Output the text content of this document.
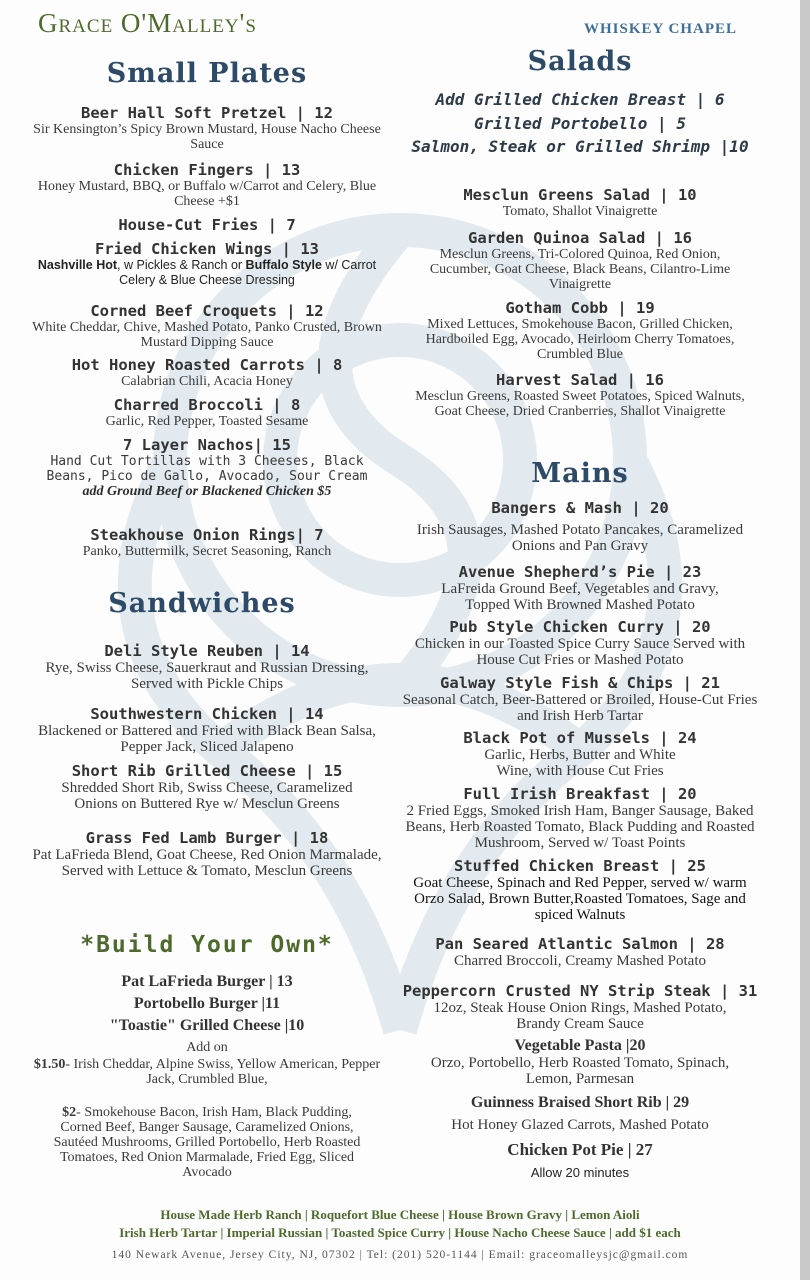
Grace O'Malley's	WHISKEY CHAPEL
Small Plates
Beer Hall Soft Pretzel | 12
Sir Kensington’s Spicy Brown Mustard, House Nacho Cheese Sauce
Chicken Fingers | 13
Honey Mustard, BBQ, or Buffalo w/Carrot and Celery, Blue Cheese +$1
House-Cut Fries | 7
Fried Chicken Wings | 13
Nashville Hot, w Pickles & Ranch or Buffalo Style w/ Carrot Celery & Blue Cheese Dressing
Corned Beef Croquets | 12
White Cheddar, Chive, Mashed Potato, Panko Crusted, Brown Mustard Dipping Sauce
Hot Honey Roasted Carrots | 8
Calabrian Chili, Acacia Honey
Charred Broccoli | 8
Garlic, Red Pepper, Toasted Sesame
7 Layer Nachos| 15
Hand Cut Tortillas with 3 Cheeses, Black Beans, Pico de Gallo, Avocado, Sour Cream
add Ground Beef or Blackened Chicken $5
Steakhouse Onion Rings| 7
Panko, Buttermilk, Secret Seasoning, Ranch
Sandwiches
Deli Style Reuben | 14
Rye, Swiss Cheese, Sauerkraut and Russian Dressing, Served with Pickle Chips
Southwestern Chicken | 14
Blackened or Battered and Fried with Black Bean Salsa, Pepper Jack, Sliced Jalapeno
Short Rib Grilled Cheese | 15
Shredded Short Rib, Swiss Cheese, Caramelized Onions on Buttered Rye w/ Mesclun Greens
Grass Fed Lamb Burger | 18
Pat LaFrieda Blend, Goat Cheese, Red Onion Marmalade, Served with Lettuce & Tomato, Mesclun Greens
*Build Your Own*
Pat LaFrieda Burger | 13
Portobello Burger |11
"Toastie" Grilled Cheese |10
Add on
$1.50- Irish Cheddar, Alpine Swiss, Yellow American, Pepper Jack, Crumbled Blue,
$2- Smokehouse Bacon, Irish Ham, Black Pudding, Corned Beef, Banger Sausage, Caramelized Onions, Sautéed Mushrooms, Grilled Portobello, Herb Roasted Tomatoes, Red Onion Marmalade, Fried Egg, Sliced Avocado
Salads
Add Grilled Chicken Breast | 6
Grilled Portobello | 5
Salmon, Steak or Grilled Shrimp |10
Mesclun Greens Salad | 10
Tomato, Shallot Vinaigrette
Garden Quinoa Salad | 16
Mesclun Greens, Tri-Colored Quinoa, Red Onion, Cucumber, Goat Cheese, Black Beans, Cilantro-Lime Vinaigrette
Gotham Cobb | 19
Mixed Lettuces, Smokehouse Bacon, Grilled Chicken, Hardboiled Egg, Avocado, Heirloom Cherry Tomatoes, Crumbled Blue
Harvest Salad | 16
Mesclun Greens, Roasted Sweet Potatoes, Spiced Walnuts, Goat Cheese, Dried Cranberries, Shallot Vinaigrette
Mains
Bangers & Mash | 20
Irish Sausages, Mashed Potato Pancakes, Caramelized Onions and Pan Gravy
Avenue Shepherd’s Pie | 23
LaFreida Ground Beef, Vegetables and Gravy, Topped With Browned Mashed Potato
Pub Style Chicken Curry | 20
Chicken in our Toasted Spice Curry Sauce Served with House Cut Fries or Mashed Potato
Galway Style Fish & Chips | 21
Seasonal Catch, Beer-Battered or Broiled, House-Cut Fries and Irish Herb Tartar
Black Pot of Mussels | 24
Garlic, Herbs, Butter and White Wine, with House Cut Fries
Full Irish Breakfast | 20
2 Fried Eggs, Smoked Irish Ham, Banger Sausage, Baked Beans, Herb Roasted Tomato, Black Pudding and Roasted Mushroom, Served w/ Toast Points
Stuffed Chicken Breast | 25
Goat Cheese, Spinach and Red Pepper, served w/ warm Orzo Salad, Brown Butter,Roasted Tomatoes, Sage and spiced Walnuts
Pan Seared Atlantic Salmon | 28
Charred Broccoli, Creamy Mashed Potato
Peppercorn Crusted NY Strip Steak | 31
12oz, Steak House Onion Rings, Mashed Potato, Brandy Cream Sauce
Vegetable Pasta |20
Orzo, Portobello, Herb Roasted Tomato, Spinach, Lemon, Parmesan
Guinness Braised Short Rib | 29
Hot Honey Glazed Carrots, Mashed Potato
Chicken Pot Pie | 27
Allow 20 minutes
House Made Herb Ranch | Roquefort Blue Cheese | House Brown Gravy | Lemon Aioli
Irish Herb Tartar | Imperial Russian | Toasted Spice Curry | House Nacho Cheese Sauce | add $1 each
140 Newark Avenue, Jersey City, NJ, 07302 | Tel: (201) 520-1144 | Email: graceomalleysjc@gmail.com
